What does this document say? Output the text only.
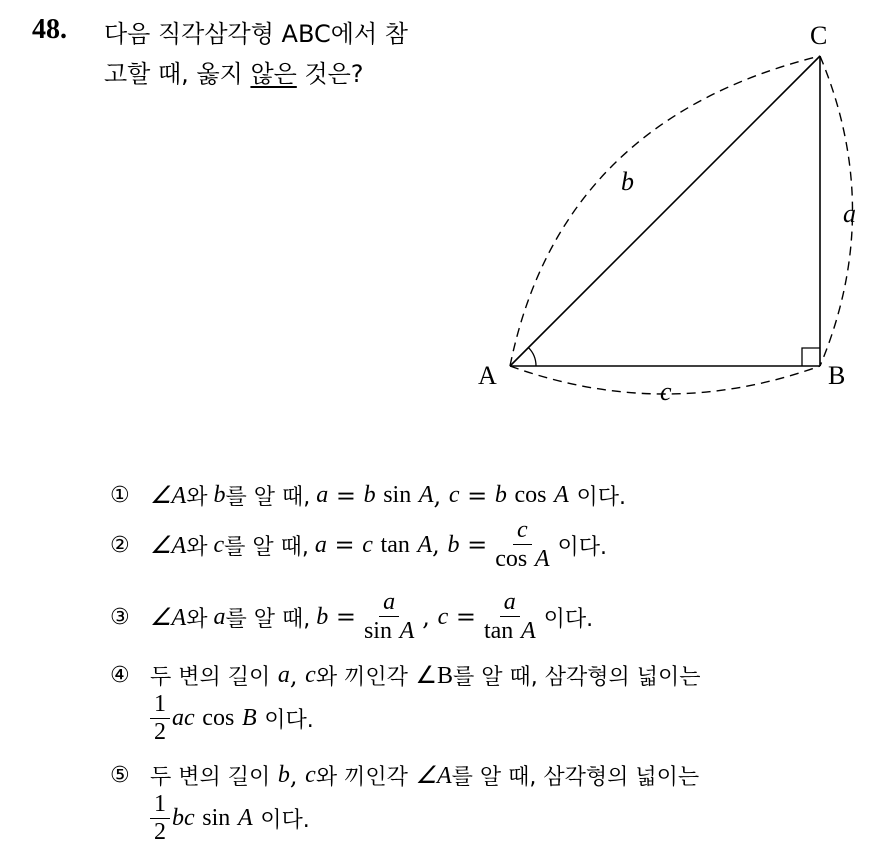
48. 다음 직각삼각형 ABC에서 참
고할 때, 옳지 않은 것은?
A	B
C
a
b
c
① ∠A 와 b 를 알 때, a = b
sin
A ,
c = b
cos
A
이다.
② ∠A 와 c 를 알 때, a = c
tan
A ,
$b = \frac{c}{\text{cos A}}$ 이다.
③ ∠A 와 a 를 알 때, $b = \frac{a}{\text{sin A}}$ ,
$c = \frac{a}{\text{tan A}}$ 이다.
④ 두 변의 길이
a ,
c 와 끼인각
∠B 를 알 때, 삼각형의 넓이는
$\frac{1}{2}$ ac
cos
B
이다.
⑤ 두 변의 길이
b ,
c 와 끼인각
∠A 를 알 때, 삼각형의 넓이는
$\frac{1}{2}$ bc
sin
A
이다.
